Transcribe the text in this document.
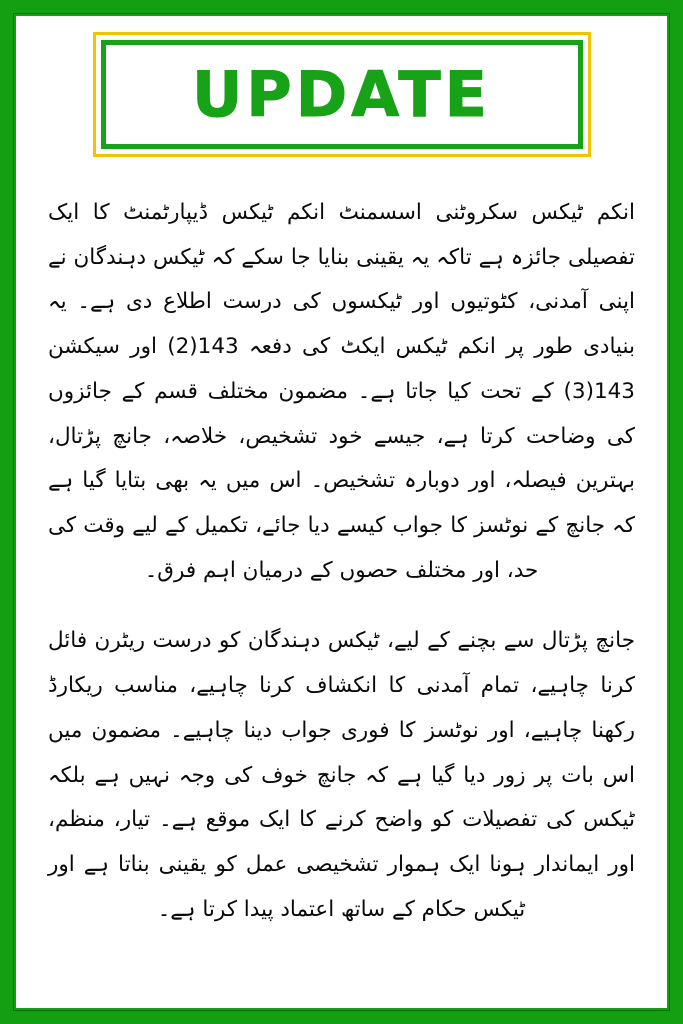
UPDATE

انکم ٹیکس سکروٹنی اسسمنٹ انکم ٹیکس ڈیپارٹمنٹ کا ایک تفصیلی جائزہ ہے تاکہ یہ یقینی بنایا جا سکے کہ ٹیکس دہندگان نے اپنی آمدنی، کٹوتیوں اور ٹیکسوں کی درست اطلاع دی ہے۔ یہ بنیادی طور پر انکم ٹیکس ایکٹ کی دفعہ 143(2) اور سیکشن 143(3) کے تحت کیا جاتا ہے۔ مضمون مختلف قسم کے جائزوں کی وضاحت کرتا ہے، جیسے خود تشخیص، خلاصہ، جانچ پڑتال، بہترین فیصلہ، اور دوبارہ تشخیص۔ اس میں یہ بھی بتایا گیا ہے کہ جانچ کے نوٹسز کا جواب کیسے دیا جائے، تکمیل کے لیے وقت کی حد، اور مختلف حصوں کے درمیان اہم فرق۔

جانچ پڑتال سے بچنے کے لیے، ٹیکس دہندگان کو درست ریٹرن فائل کرنا چاہیے، تمام آمدنی کا انکشاف کرنا چاہیے، مناسب ریکارڈ رکھنا چاہیے، اور نوٹسز کا فوری جواب دینا چاہیے۔ مضمون میں اس بات پر زور دیا گیا ہے کہ جانچ خوف کی وجہ نہیں ہے بلکہ ٹیکس کی تفصیلات کو واضح کرنے کا ایک موقع ہے۔ تیار، منظم، اور ایماندار ہونا ایک ہموار تشخیصی عمل کو یقینی بناتا ہے اور ٹیکس حکام کے ساتھ اعتماد پیدا کرتا ہے۔
